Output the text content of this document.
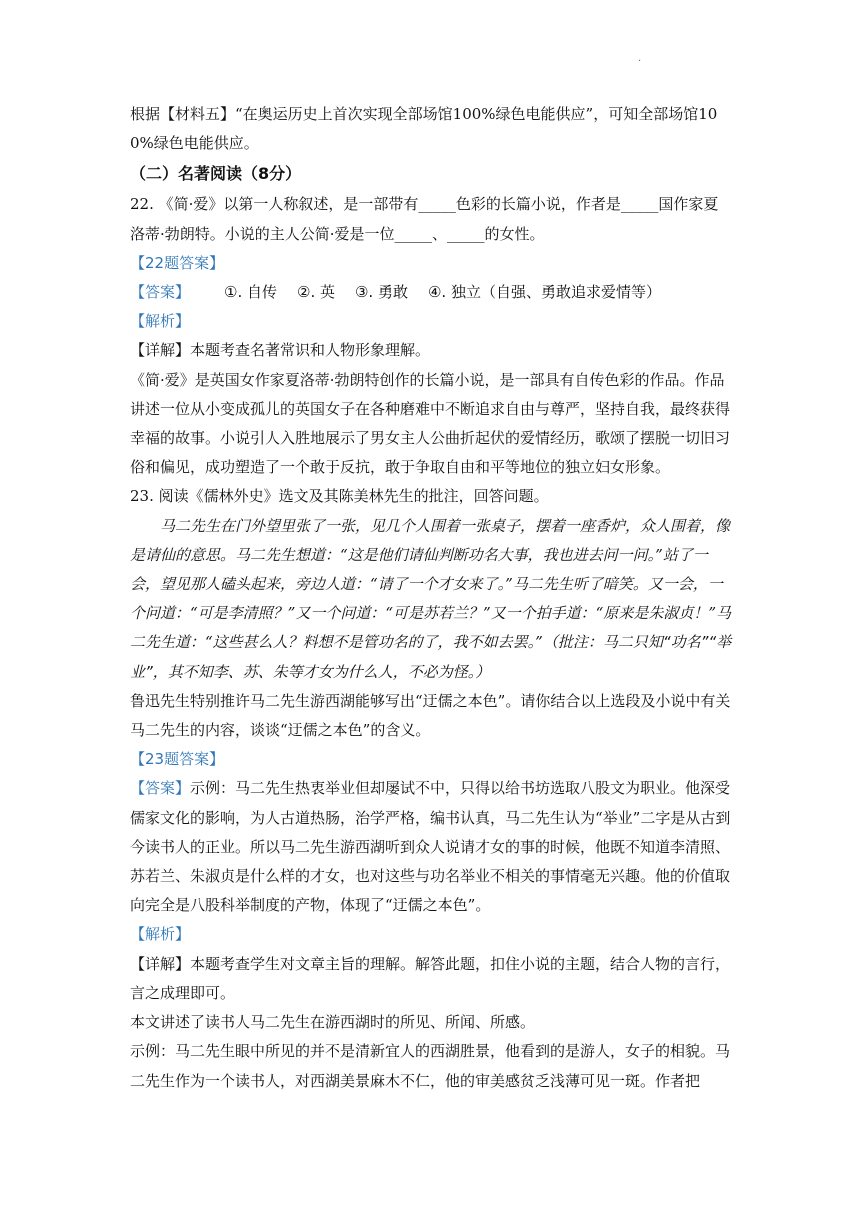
·

根据【材料五】“在奥运历史上首次实现全部场馆100%绿色电能供应”，可知全部场馆100%绿色电能供应。

（二）名著阅读（8分）

22. 《简·爱》以第一人称叙述，是一部带有_____色彩的长篇小说，作者是_____国作家夏洛蒂·勃朗特。小说的主人公简·爱是一位_____、_____的女性。

【22题答案】

【答案】 ①. 自传 ②. 英 ③. 勇敢 ④. 独立（自强、勇敢追求爱情等）

【解析】

【详解】本题考查名著常识和人物形象理解。

《简·爱》是英国女作家夏洛蒂·勃朗特创作的长篇小说，是一部具有自传色彩的作品。作品讲述一位从小变成孤儿的英国女子在各种磨难中不断追求自由与尊严，坚持自我，最终获得幸福的故事。小说引人入胜地展示了男女主人公曲折起伏的爱情经历，歌颂了摆脱一切旧习俗和偏见，成功塑造了一个敢于反抗，敢于争取自由和平等地位的独立妇女形象。

23. 阅读《儒林外史》选文及其陈美林先生的批注，回答问题。

马二先生在门外望里张了一张，见几个人围着一张桌子，摆着一座香炉，众人围着，像是请仙的意思。马二先生想道：“这是他们请仙判断功名大事，我也进去问一问。”站了一会，望见那人磕头起来，旁边人道：“请了一个才女来了。”马二先生听了暗笑。又一会，一个问道：“可是李清照？”又一个问道：“可是苏若兰？”又一个拍手道：“原来是朱淑贞！”马二先生道：“这些甚么人？料想不是管功名的了，我不如去罢。”（批注：马二只知“功名”“举业”，其不知李、苏、朱等才女为什么人，不必为怪。）

鲁迅先生特别推许马二先生游西湖能够写出“迂儒之本色”。请你结合以上选段及小说中有关马二先生的内容，谈谈“迂儒之本色”的含义。

【23题答案】

【答案】示例：马二先生热衷举业但却屡试不中，只得以给书坊选取八股文为职业。他深受儒家文化的影响，为人古道热肠，治学严格，编书认真，马二先生认为“举业”二字是从古到今读书人的正业。所以马二先生游西湖听到众人说请才女的事的时候，他既不知道李清照、苏若兰、朱淑贞是什么样的才女，也对这些与功名举业不相关的事情毫无兴趣。他的价值取向完全是八股科举制度的产物，体现了“迂儒之本色”。

【解析】

【详解】本题考查学生对文章主旨的理解。解答此题，扣住小说的主题，结合人物的言行，言之成理即可。

本文讲述了读书人马二先生在游西湖时的所见、所闻、所感。

示例：马二先生眼中所见的并不是清新宜人的西湖胜景，他看到的是游人，女子的相貌。马二先生作为一个读书人，对西湖美景麻木不仁，他的审美感贫乏浅薄可见一斑。作者把
